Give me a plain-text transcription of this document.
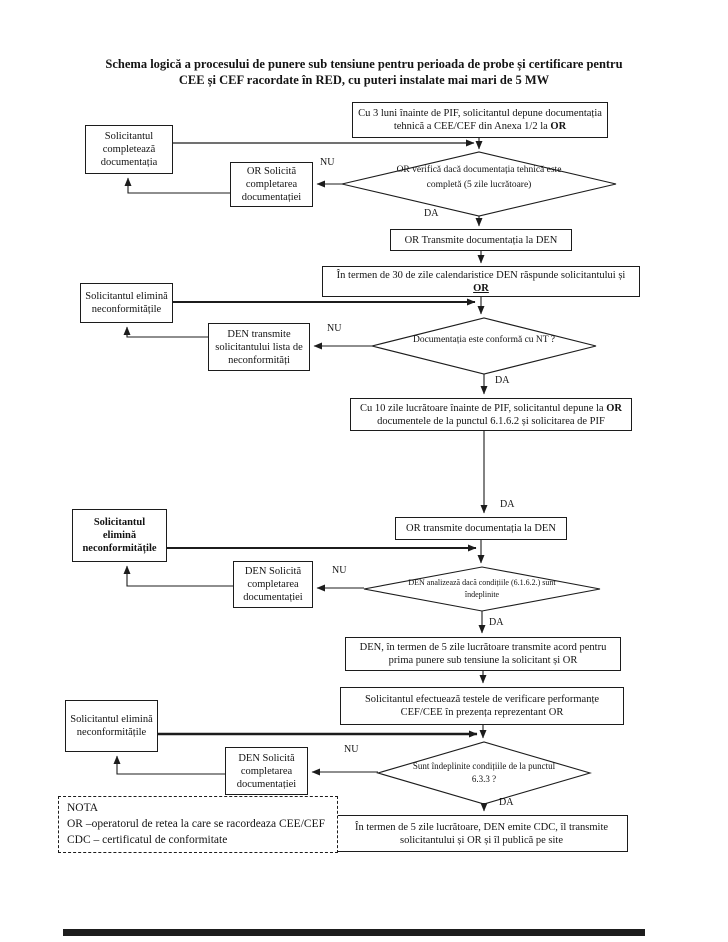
Schema logică a procesului de punere sub tensiune pentru perioada de probe și certificare pentru
CEE și CEF racordate în RED, cu puteri instalate mai mari de 5 MW
Cu 3 luni înainte de PIF, solicitantul depune documentația tehnică a CEE/CEF din Anexa 1/2 la OR
Solicitantul completează documentația
OR Solicită completarea documentației
OR Transmite documentația la DEN
În termen de 30 de zile calendaristice DEN răspunde solicitantului și
OR
Solicitantul elimină neconformitățile
DEN transmite solicitantului lista de neconformități
Cu 10 zile lucrătoare înainte de PIF, solicitantul depune la OR documentele de la punctul 6.1.6.2 și solicitarea de PIF
OR transmite documentația la DEN
Solicitantul elimină neconformitățile
DEN Solicită completarea documentației
DEN, în termen de 5 zile lucrătoare transmite acord pentru prima punere sub tensiune la solicitant și OR
Solicitantul efectuează testele de verificare performanțe CEF/CEE în prezența reprezentant OR
Solicitantul elimină neconformitățile
DEN Solicită completarea documentației
În termen de 5 zile lucrătoare, DEN emite CDC, îl transmite solicitantului și OR și îl publică pe site
OR verifică dacă documentația tehnică este completă (5 zile lucrătoare)
Documentația este conformă cu NT ?
DEN analizează dacă condițiile (6.1.6.2.) sunt îndeplinite
Sunt îndeplinite condițiile de la punctul 6.3.3 ?
NU
DA
NU
DA
DA
NU
DA
NU
DA
NOTA
OR –operatorul de retea la care se racordeaza CEE/CEF
CDC – certificatul de conformitate
